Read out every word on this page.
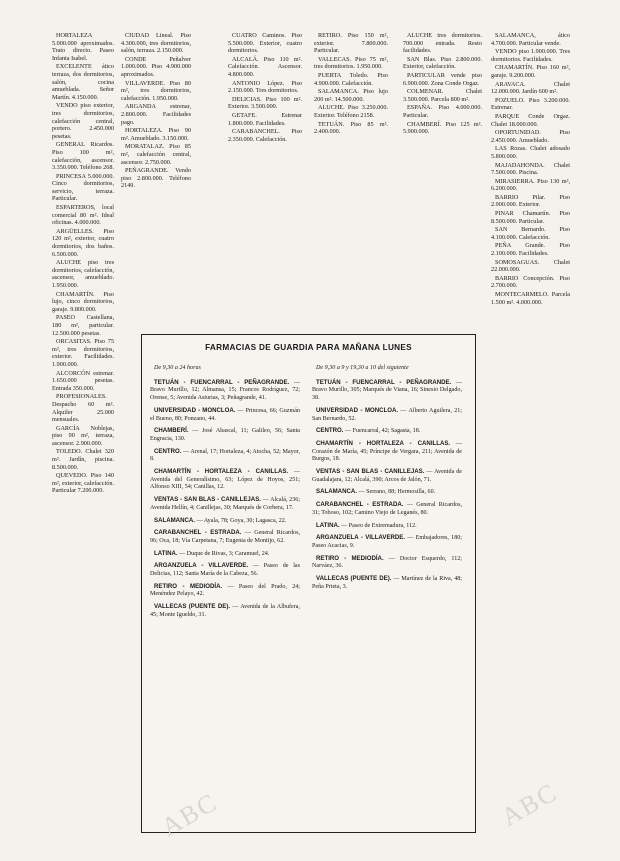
HORTALEZA 5.000.000 aproximados. Trato directo. Paseo Infanta Isabel.

EXCELENTE ático terraza, dos dormitorios, salón, cocina amueblada. Señor Martín. 4.150.000.

VENDO piso exterior, tres dormitorios, calefacción central, portero. 2.450.000 pesetas.

GENERAL Ricardos. Piso 100 m², calefacción, ascensor. 3.350.000. Teléfono 268.

PRINCESA 5.000.000. Cinco dormitorios, servicio, terraza. Particular.

ESPARTEROS, local comercial 80 m². Ideal oficinas. 4.000.000.

ARGÜELLES. Piso 120 m², exterior, cuatro dormitorios, dos baños. 6.500.000.

ALUCHE piso tres dormitorios, calefacción, ascensor, amueblado. 1.950.000.

CHAMARTÍN. Piso lujo, cinco dormitorios, garaje. 9.800.000.

PASEO Castellana, 180 m², particular. 12.500.000 pesetas.

ORCASITAS. Piso 75 m², tres dormitorios, exterior. Facilidades. 1.900.000.

ALCORCÓN estrenar. 1.650.000 pesetas. Entrada 350.000.

PROFESIONALES. Despacho 60 m². Alquiler 25.000 mensuales.

GARCÍA Noblejas, piso 90 m², terraza, ascensor. 2.900.000.

TOLEDO. Chalet 320 m². Jardín, piscina. 8.500.000.

QUEVEDO. Piso 140 m², exterior, calefacción. Particular 7.200.000.

CIUDAD Lineal. Piso 4.300.000, tres dormitorios, salón, terraza. 2.150.000.

CONDE Peñalver 1.000.000. Piso 4.900.000 aproximados.

VILLAVERDE. Piso 80 m², tres dormitorios, calefacción. 1.950.000.

ARGANDA estrenar, 2.800.000. Facilidades pago.

HORTALEZA. Piso 90 m². Amueblado. 3.150.000.

MORATALAZ. Piso 85 m², calefacción central, ascensor. 2.750.000.

PEÑAGRANDE. Vendo piso 2.800.000. Teléfono 2149.

CUATRO Caminos. Piso 5.500.000. Exterior, cuatro dormitorios.

ALCALÁ. Piso 110 m². Calefacción. Ascensor. 4.800.000.

ANTONIO López. Piso 2.150.000. Tres dormitorios.

DELICIAS. Piso 100 m². Exterior. 3.500.000.

GETAFE. Estrenar 1.800.000. Facilidades.

CARABANCHEL. Piso 2.350.000. Calefacción.

RETIRO. Piso 150 m², exterior. 7.800.000. Particular.

VALLECAS. Piso 75 m², tres dormitorios. 1.950.000.

PUERTA Toledo. Piso 4.900.000. Calefacción.

SALAMANCA. Piso lujo 200 m². 14.500.000.

ALUCHE. Piso 3.250.000. Exterior. Teléfono 2158.

TETUÁN. Piso 85 m². 2.400.000.

ALUCHE tres dormitorios. 700.000 entrada. Resto facilidades.

SAN Blas. Piso 2.800.000. Exterior, calefacción.

PARTICULAR vende piso 6.900.000. Zona Conde Orgaz.

COLMENAR. Chalet 3.500.000. Parcela 800 m².

ESPAÑA. Piso 4.000.000. Particular.

CHAMBERÍ. Piso 125 m². 5.900.000.

SALAMANCA, ático 4.700.000. Particular vende.

VENDO piso 1.900.000. Tres dormitorios. Facilidades.

CHAMARTÍN. Piso 160 m², garaje. 9.200.000.

ARAVACA. Chalet 12.000.000. Jardín 600 m².

POZUELO. Piso 3.200.000. Estrenar.

PARQUE Conde Orgaz. Chalet 18.000.000.

OPORTUNIDAD. Piso 2.450.000. Amueblado.

LAS Rozas. Chalet adosado 5.800.000.

MAJADAHONDA. Chalet 7.500.000. Piscina.

MIRASIERRA. Piso 130 m², 6.200.000.

BARRIO Pilar. Piso 2.900.000. Exterior.

PINAR Chamartín. Piso 8.500.000. Particular.

SAN Bernardo. Piso 4.100.000. Calefacción.

PEÑA Grande. Piso 2.100.000. Facilidades.

SOMOSAGUAS. Chalet 22.000.000.

BARRIO Concepción. Piso 2.700.000.

MONTECARMELO. Parcela 1.500 m². 4.000.000.

FARMACIAS DE GUARDIA PARA MAÑANA LUNES

De 9,30 a 24 horas

TETUÁN - FUENCARRAL - PEÑAGRANDE. — Bravo Murillo, 12; Almansa, 15; Francos Rodríguez, 72; Orense, 5; Avenida Asturias, 3; Peñagrande, 41.

UNIVERSIDAD - MONCLOA. — Princesa, 66; Guzmán el Bueno, 80; Ponzano, 44.

CHAMBERÍ. — José Abascal, 11; Galileo, 56; Santa Engracia, 130.

CENTRO. — Arenal, 17; Hortaleza, 4; Atocha, 52; Mayor, 8.

CHAMARTÍN - HORTALEZA - CANILLAS. — Avenida del Generalísimo, 63; López de Hoyos, 251; Alfonso XIII, 54; Canillas, 12.

VENTAS - SAN BLAS - CANILLEJAS. — Alcalá, 236; Avenida Hellín, 4; Canillejas, 30; Marqués de Corbera, 17.

SALAMANCA. — Ayala, 78; Goya, 30; Lagasca, 22.

CARABANCHEL - ESTRADA. — General Ricardos, 96; Oca, 18; Vía Carpetana, 7; Eugenia de Montijo, 62.

LATINA. — Duque de Rivas, 3; Caramuel, 24.

ARGANZUELA - VILLAVERDE. — Paseo de las Delicias, 112; Santa María de la Cabeza, 56.

RETIRO - MEDIODÍA. — Paseo del Prado, 24; Menéndez Pelayo, 42.

VALLECAS (PUENTE DE). — Avenida de la Albufera, 45; Monte Igueldo, 31.

De 9,30 a 9 y 19,30 a 10 del siguiente

TETUÁN - FUENCARRAL - PEÑAGRANDE. — Bravo Murillo, 305; Marqués de Viana, 16; Sinesio Delgado, 38.

UNIVERSIDAD - MONCLOA. — Alberto Aguilera, 21; San Bernardo, 52.

CENTRO. — Fuencarral, 42; Sagasta, 18.

CHAMARTÍN - HORTALEZA - CANILLAS. — Corazón de María, 45; Príncipe de Vergara, 211; Avenida de Burgos, 18.

VENTAS - SAN BLAS - CANILLEJAS. — Avenida de Guadalajara, 12; Alcalá, 390; Arcos de Jalón, 71.

SALAMANCA. — Serrano, 88; Hermosilla, 60.

CARABANCHEL - ESTRADA. — General Ricardos, 31; Toboso, 102; Camino Viejo de Leganés, 80.

LATINA. — Paseo de Extremadura, 112.

ARGANZUELA - VILLAVERDE. — Embajadores, 180; Paseo Acacias, 9.

RETIRO - MEDIODÍA. — Doctor Esquerdo, 112; Narváez, 36.

VALLECAS (PUENTE DE). — Martínez de la Riva, 48; Peña Prieta, 3.

ABC	ABC
